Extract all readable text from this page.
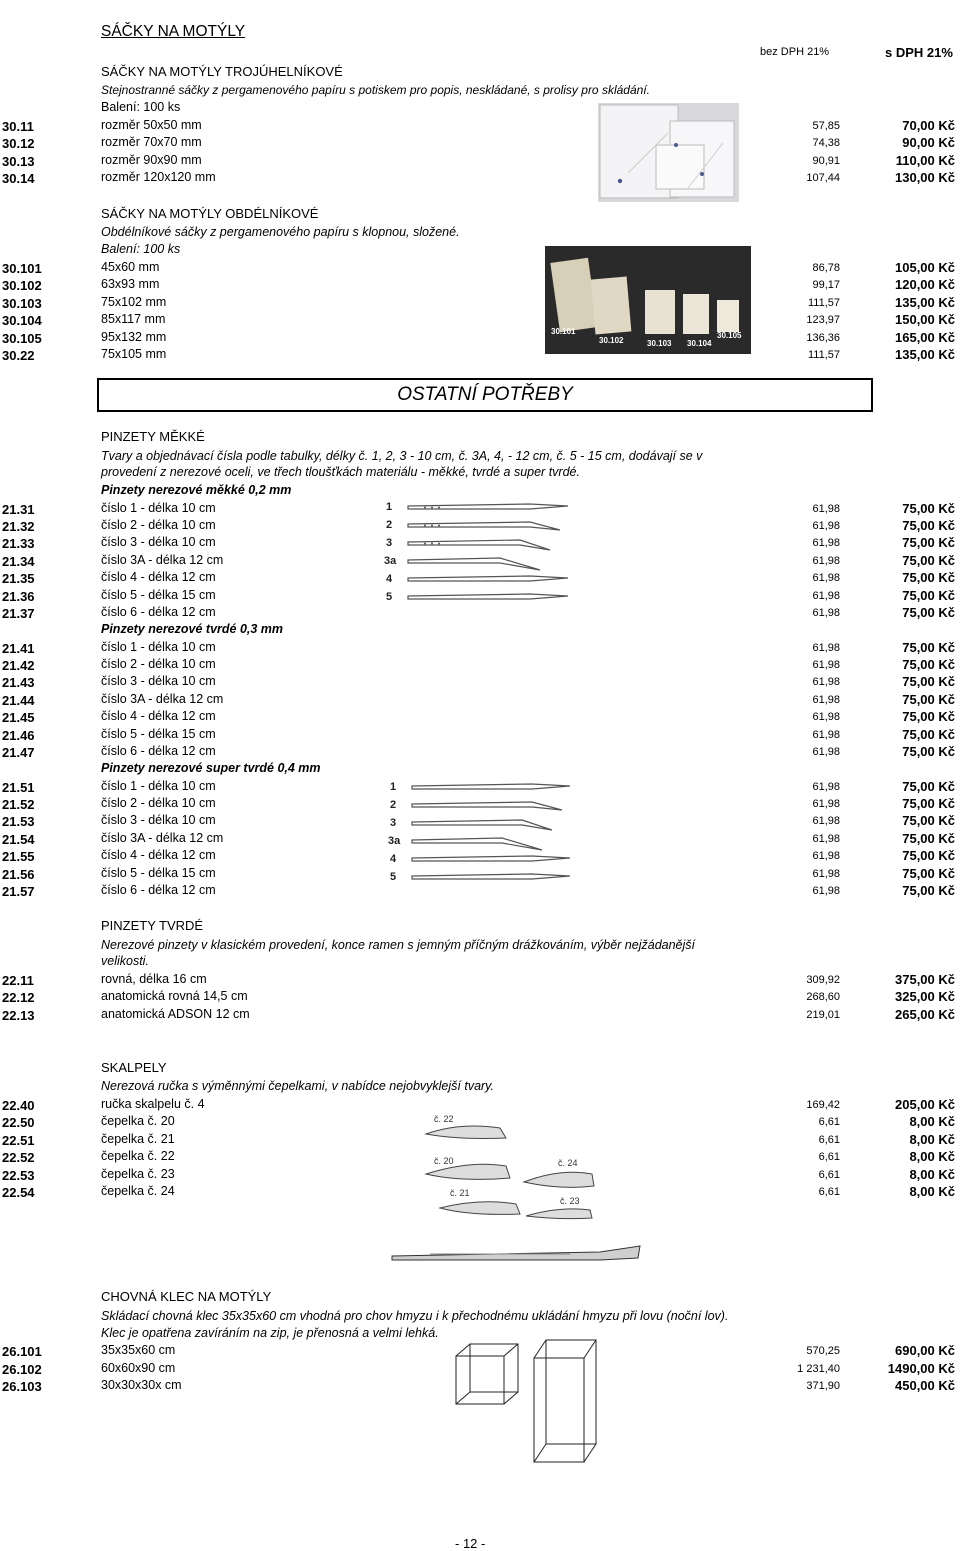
SÁČKY NA MOTÝLY
bez DPH 21%	s DPH 21%
SÁČKY NA MOTÝLY TROJÚHELNÍKOVÉ
Stejnostranné sáčky z pergamenového papíru s potiskem pro popis, neskládané, s prolisy pro skládání.
Balení: 100 ks
30.11	rozměr 50x50 mm	57,85	70,00 Kč
30.12	rozměr 70x70 mm	74,38	90,00 Kč
30.13	rozměr 90x90 mm	90,91	110,00 Kč
30.14	rozměr 120x120 mm	107,44	130,00 Kč
SÁČKY NA MOTÝLY OBDÉLNÍKOVÉ
Obdélníkové sáčky z pergamenového papíru s klopnou, složené.
Balení: 100 ks
30.101	45x60 mm	86,78	105,00 Kč
30.102	63x93 mm	99,17	120,00 Kč
30.103	75x102 mm	111,57	135,00 Kč
30.104	85x117 mm	123,97	150,00 Kč
30.105	95x132 mm	136,36	165,00 Kč
30.22	75x105 mm	111,57	135,00 Kč
30.101
30.102	30.103 30.104
30.105
OSTATNÍ POTŘEBY
PINZETY MĚKKÉ
Tvary a objednávací čísla podle tabulky, délky č. 1, 2, 3 - 10 cm, č. 3A, 4, - 12 cm, č. 5 - 15 cm, dodávají se v provedení z nerezové oceli, ve třech tloušťkách materiálu - měkké, tvrdé a super tvrdé.
Pinzety nerezové měkké 0,2 mm
21.31	číslo 1 - délka 10 cm	61,98	75,00 Kč
21.32	číslo 2 - délka 10 cm	61,98	75,00 Kč
21.33	číslo 3 - délka 10 cm	61,98	75,00 Kč
21.34	číslo 3A - délka 12 cm	61,98	75,00 Kč
21.35	číslo 4 - délka 12 cm	61,98	75,00 Kč
21.36	číslo 5 - délka 15 cm	61,98	75,00 Kč
21.37	číslo 6 - délka 12 cm	61,98	75,00 Kč
Pinzety nerezové tvrdé 0,3 mm
21.41	číslo 1 - délka 10 cm	61,98	75,00 Kč
21.42	číslo 2 - délka 10 cm	61,98	75,00 Kč
21.43	číslo 3 - délka 10 cm	61,98	75,00 Kč
21.44	číslo 3A - délka 12 cm	61,98	75,00 Kč
21.45	číslo 4 - délka 12 cm	61,98	75,00 Kč
21.46	číslo 5 - délka 15 cm	61,98	75,00 Kč
21.47	číslo 6 - délka 12 cm	61,98	75,00 Kč
Pinzety nerezové super tvrdé 0,4 mm
21.51	číslo 1 - délka 10 cm	61,98	75,00 Kč
21.52	číslo 2 - délka 10 cm	61,98	75,00 Kč
21.53	číslo 3 - délka 10 cm	61,98	75,00 Kč
21.54	číslo 3A - délka 12 cm	61,98	75,00 Kč
21.55	číslo 4 - délka 12 cm	61,98	75,00 Kč
21.56	číslo 5 - délka 15 cm	61,98	75,00 Kč
21.57	číslo 6 - délka 12 cm	61,98	75,00 Kč
1
2
3
3a
4
5
1
2
3
3a
4
5
PINZETY TVRDÉ
Nerezové pinzety v klasickém provedení, konce ramen s jemným příčným drážkováním, výběr nejžádanější velikosti.
22.11	rovná, délka 16 cm	309,92	375,00 Kč
22.12	anatomická rovná 14,5 cm	268,60	325,00 Kč
22.13	anatomická ADSON 12 cm	219,01	265,00 Kč
SKALPELY
Nerezová ručka s výměnnými čepelkami, v nabídce nejobvyklejší tvary.
22.40	ručka skalpelu č. 4	169,42	205,00 Kč
22.50	čepelka č. 20	6,61	8,00 Kč
22.51	čepelka č. 21	6,61	8,00 Kč
22.52	čepelka č. 22	6,61	8,00 Kč
22.53	čepelka č. 23	6,61	8,00 Kč
22.54	čepelka č. 24	6,61	8,00 Kč
č. 22
č. 20
č. 21
č. 24
č. 23
CHOVNÁ KLEC NA MOTÝLY
Skládací chovná klec 35x35x60 cm vhodná pro chov hmyzu i k přechodnému ukládání hmyzu při lovu (noční lov).
Klec je opatřena zavíráním na zip, je přenosná a velmi lehká.
26.101	35x35x60 cm	570,25	690,00 Kč
26.102	60x60x90 cm	1 231,40	1490,00 Kč
26.103	30x30x30x cm	371,90	450,00 Kč
- 12 -
